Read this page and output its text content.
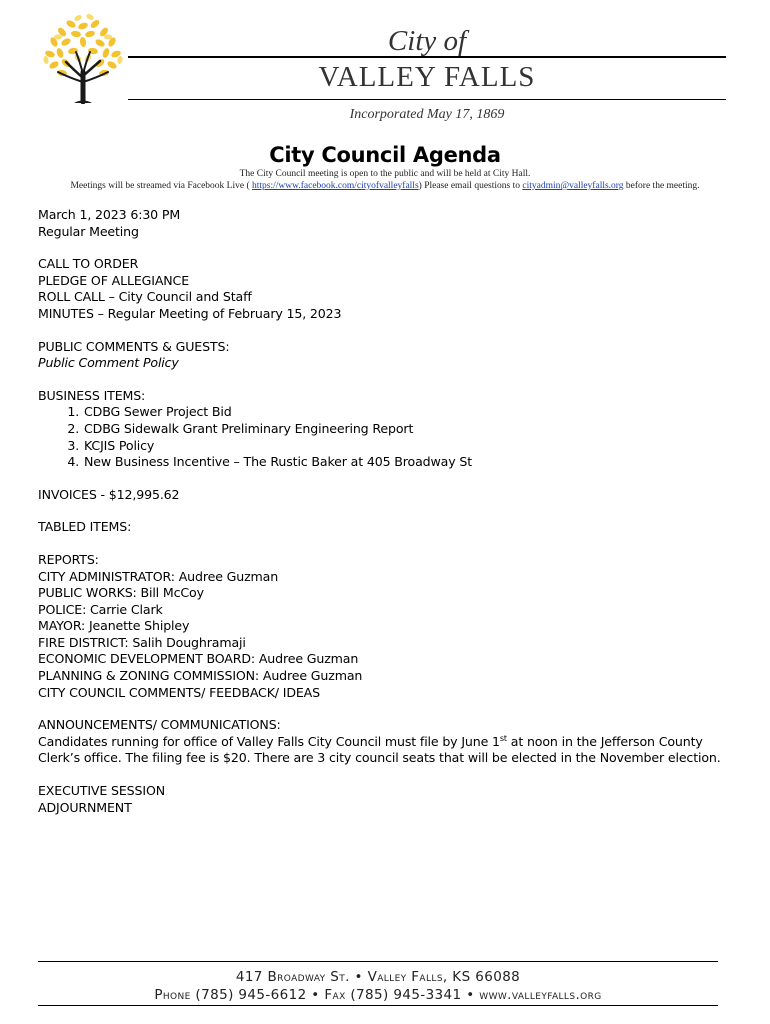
City of
VALLEY FALLS
Incorporated May 17, 1869
City Council Agenda
The City Council meeting is open to the public and will be held at City Hall.
Meetings will be streamed via Facebook Live ( https://www.facebook.com/cityofvalleyfalls) Please email questions to cityadmin@valleyfalls.org before the meeting.
March 1, 2023 6:30 PM
Regular Meeting
CALL TO ORDER
PLEDGE OF ALLEGIANCE
ROLL CALL – City Council and Staff
MINUTES – Regular Meeting of February 15, 2023
PUBLIC COMMENTS & GUESTS:
Public Comment Policy
BUSINESS ITEMS:
1. CDBG Sewer Project Bid
2. CDBG Sidewalk Grant Preliminary Engineering Report
3. KCJIS Policy
4. New Business Incentive – The Rustic Baker at 405 Broadway St
INVOICES - $12,995.62
TABLED ITEMS:
REPORTS:
CITY ADMINISTRATOR: Audree Guzman
PUBLIC WORKS: Bill McCoy
POLICE: Carrie Clark
MAYOR: Jeanette Shipley
FIRE DISTRICT: Salih Doughramaji
ECONOMIC DEVELOPMENT BOARD: Audree Guzman
PLANNING & ZONING COMMISSION: Audree Guzman
CITY COUNCIL COMMENTS/ FEEDBACK/ IDEAS
ANNOUNCEMENTS/ COMMUNICATIONS:
Candidates running for office of Valley Falls City Council must file by June 1st at noon in the Jefferson County Clerk’s office. The filing fee is $20. There are 3 city council seats that will be elected in the November election.
EXECUTIVE SESSION
ADJOURNMENT
417 Broadway St. • Valley Falls, KS 66088
Phone (785) 945-6612 • Fax (785) 945-3341 • www.valleyfalls.org
